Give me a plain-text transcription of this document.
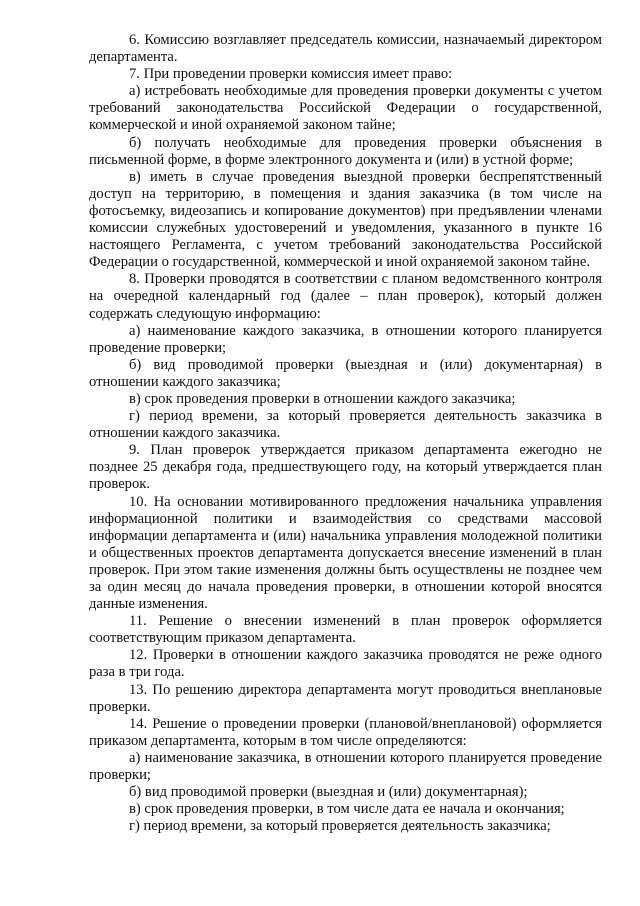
6. Комиссию возглавляет председатель комиссии, назначаемый директором департамента.

7. При проведении проверки комиссия имеет право:

а) истребовать необходимые для проведения проверки документы с учетом требований законодательства Российской Федерации о государственной, коммерческой и иной охраняемой законом тайне;

б) получать необходимые для проведения проверки объяснения в письменной форме, в форме электронного документа и (или) в устной форме;

в) иметь в случае проведения выездной проверки беспрепятственный доступ на территорию, в помещения и здания заказчика (в том числе на фотосъемку, видеозапись и копирование документов) при предъявлении членами комиссии служебных удостоверений и уведомления, указанного в пункте 16 настоящего Регламента, с учетом требований законодательства Российской Федерации о государственной, коммерческой и иной охраняемой законом тайне.

8. Проверки проводятся в соответствии с планом ведомственного контроля на очередной календарный год (далее – план проверок), который должен содержать следующую информацию:

а) наименование каждого заказчика, в отношении которого планируется проведение проверки;

б) вид проводимой проверки (выездная и (или) документарная) в отношении каждого заказчика;

в) срок проведения проверки в отношении каждого заказчика;

г) период времени, за который проверяется деятельность заказчика в отношении каждого заказчика.

9. План проверок утверждается приказом департамента ежегодно не позднее 25 декабря года, предшествующего году, на который утверждается план проверок.

10. На основании мотивированного предложения начальника управления информационной политики и взаимодействия со средствами массовой информации департамента и (или) начальника управления молодежной политики и общественных проектов департамента допускается внесение изменений в план проверок. При этом такие изменения должны быть осуществлены не позднее чем за один месяц до начала проведения проверки, в отношении которой вносятся данные изменения.

11. Решение о внесении изменений в план проверок оформляется соответствующим приказом департамента.

12. Проверки в отношении каждого заказчика проводятся не реже одного раза в три года.

13. По решению директора департамента могут проводиться внеплановые проверки.

14. Решение о проведении проверки (плановой/внеплановой) оформляется приказом департамента, которым в том числе определяются:

а) наименование заказчика, в отношении которого планируется проведение проверки;

б) вид проводимой проверки (выездная и (или) документарная);

в) срок проведения проверки, в том числе дата ее начала и окончания;

г) период времени, за который проверяется деятельность заказчика;
